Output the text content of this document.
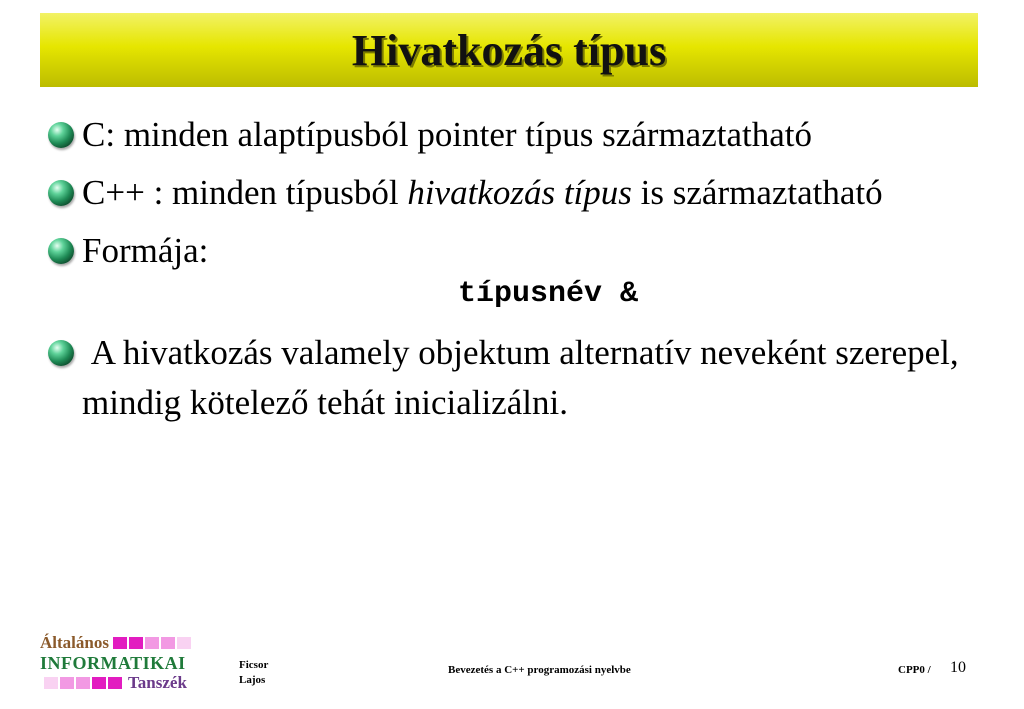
Hivatkozás típus
C: minden alaptípusból pointer típus származtatható
C++ : minden típusból hivatkozás típus is származtatható
Formája:
típusnév &
A hivatkozás valamely objektum alternatív neveként szerepel, mindig kötelező tehát inicializálni.
Általános
INFORMATIKAI
Tanszék
Ficsor
Lajos
Bevezetés a C++ programozási nyelvbe	CPP0 / 10
